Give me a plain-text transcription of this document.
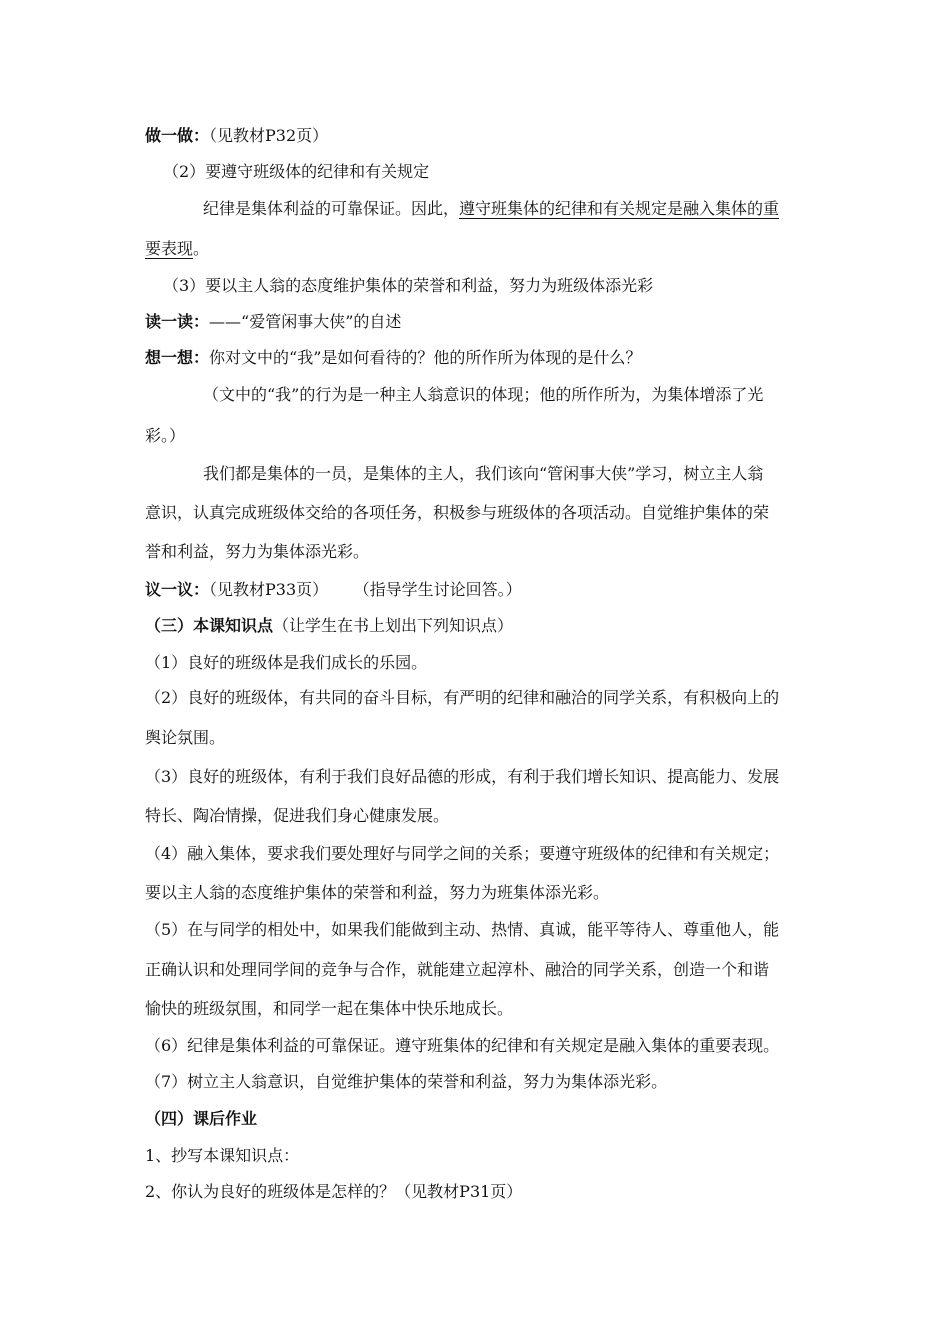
做一做：（见教材P32页）
（2）要遵守班级体的纪律和有关规定
纪律是集体利益的可靠保证。因此，遵守班集体的纪律和有关规定是融入集体的重
要表现。
（3）要以主人翁的态度维护集体的荣誉和利益，努力为班级体添光彩
读一读：——“爱管闲事大侠”的自述
想一想：你对文中的“我”是如何看待的？他的所作所为体现的是什么？
（文中的“我”的行为是一种主人翁意识的体现；他的所作所为，为集体增添了光
彩。）
我们都是集体的一员，是集体的主人，我们该向“管闲事大侠”学习，树立主人翁
意识，认真完成班级体交给的各项任务，积极参与班级体的各项活动。自觉维护集体的荣
誉和利益，努力为集体添光彩。
议一议：（见教材P33页）     （指导学生讨论回答。）
（三）本课知识点（让学生在书上划出下列知识点）
（1）良好的班级体是我们成长的乐园。
（2）良好的班级体，有共同的奋斗目标，有严明的纪律和融洽的同学关系，有积极向上的
舆论氛围。
（3）良好的班级体，有利于我们良好品德的形成，有利于我们增长知识、提高能力、发展
特长、陶冶情操，促进我们身心健康发展。
（4）融入集体，要求我们要处理好与同学之间的关系；要遵守班级体的纪律和有关规定；
要以主人翁的态度维护集体的荣誉和利益，努力为班集体添光彩。
（5）在与同学的相处中，如果我们能做到主动、热情、真诚，能平等待人、尊重他人，能
正确认识和处理同学间的竞争与合作，就能建立起淳朴、融洽的同学关系，创造一个和谐
愉快的班级氛围，和同学一起在集体中快乐地成长。
（6）纪律是集体利益的可靠保证。遵守班集体的纪律和有关规定是融入集体的重要表现。
（7）树立主人翁意识，自觉维护集体的荣誉和利益，努力为集体添光彩。
（四）课后作业
1、抄写本课知识点：
2、你认为良好的班级体是怎样的？（见教材P31页）
